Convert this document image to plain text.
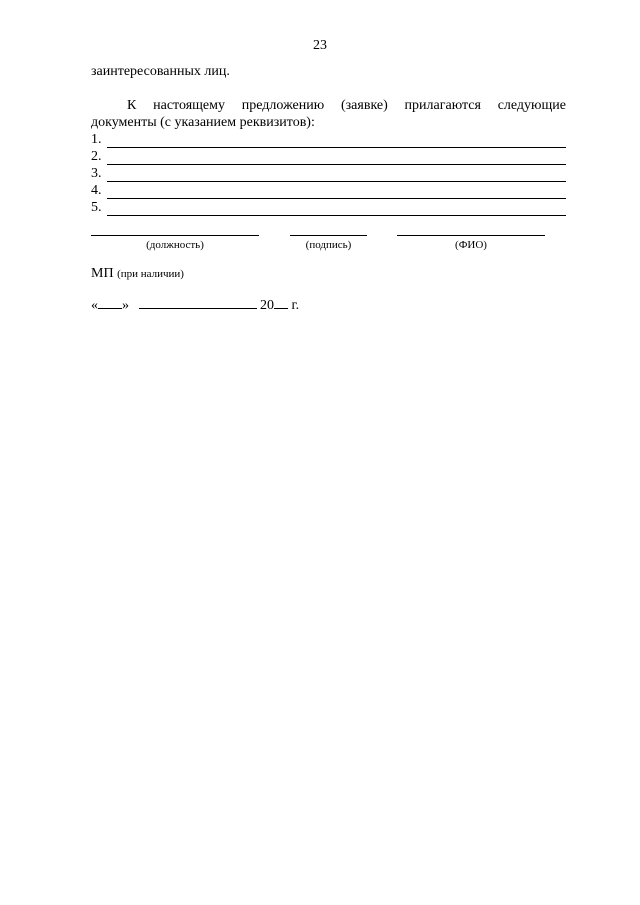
23
заинтересованных лиц.
К настоящему предложению (заявке) прилагаются следующие документы (с указанием реквизитов):
1.
2.
3.
4.
5.
(должность)	(подпись)	(ФИО)
МП (при наличии)
« »	20 г.
